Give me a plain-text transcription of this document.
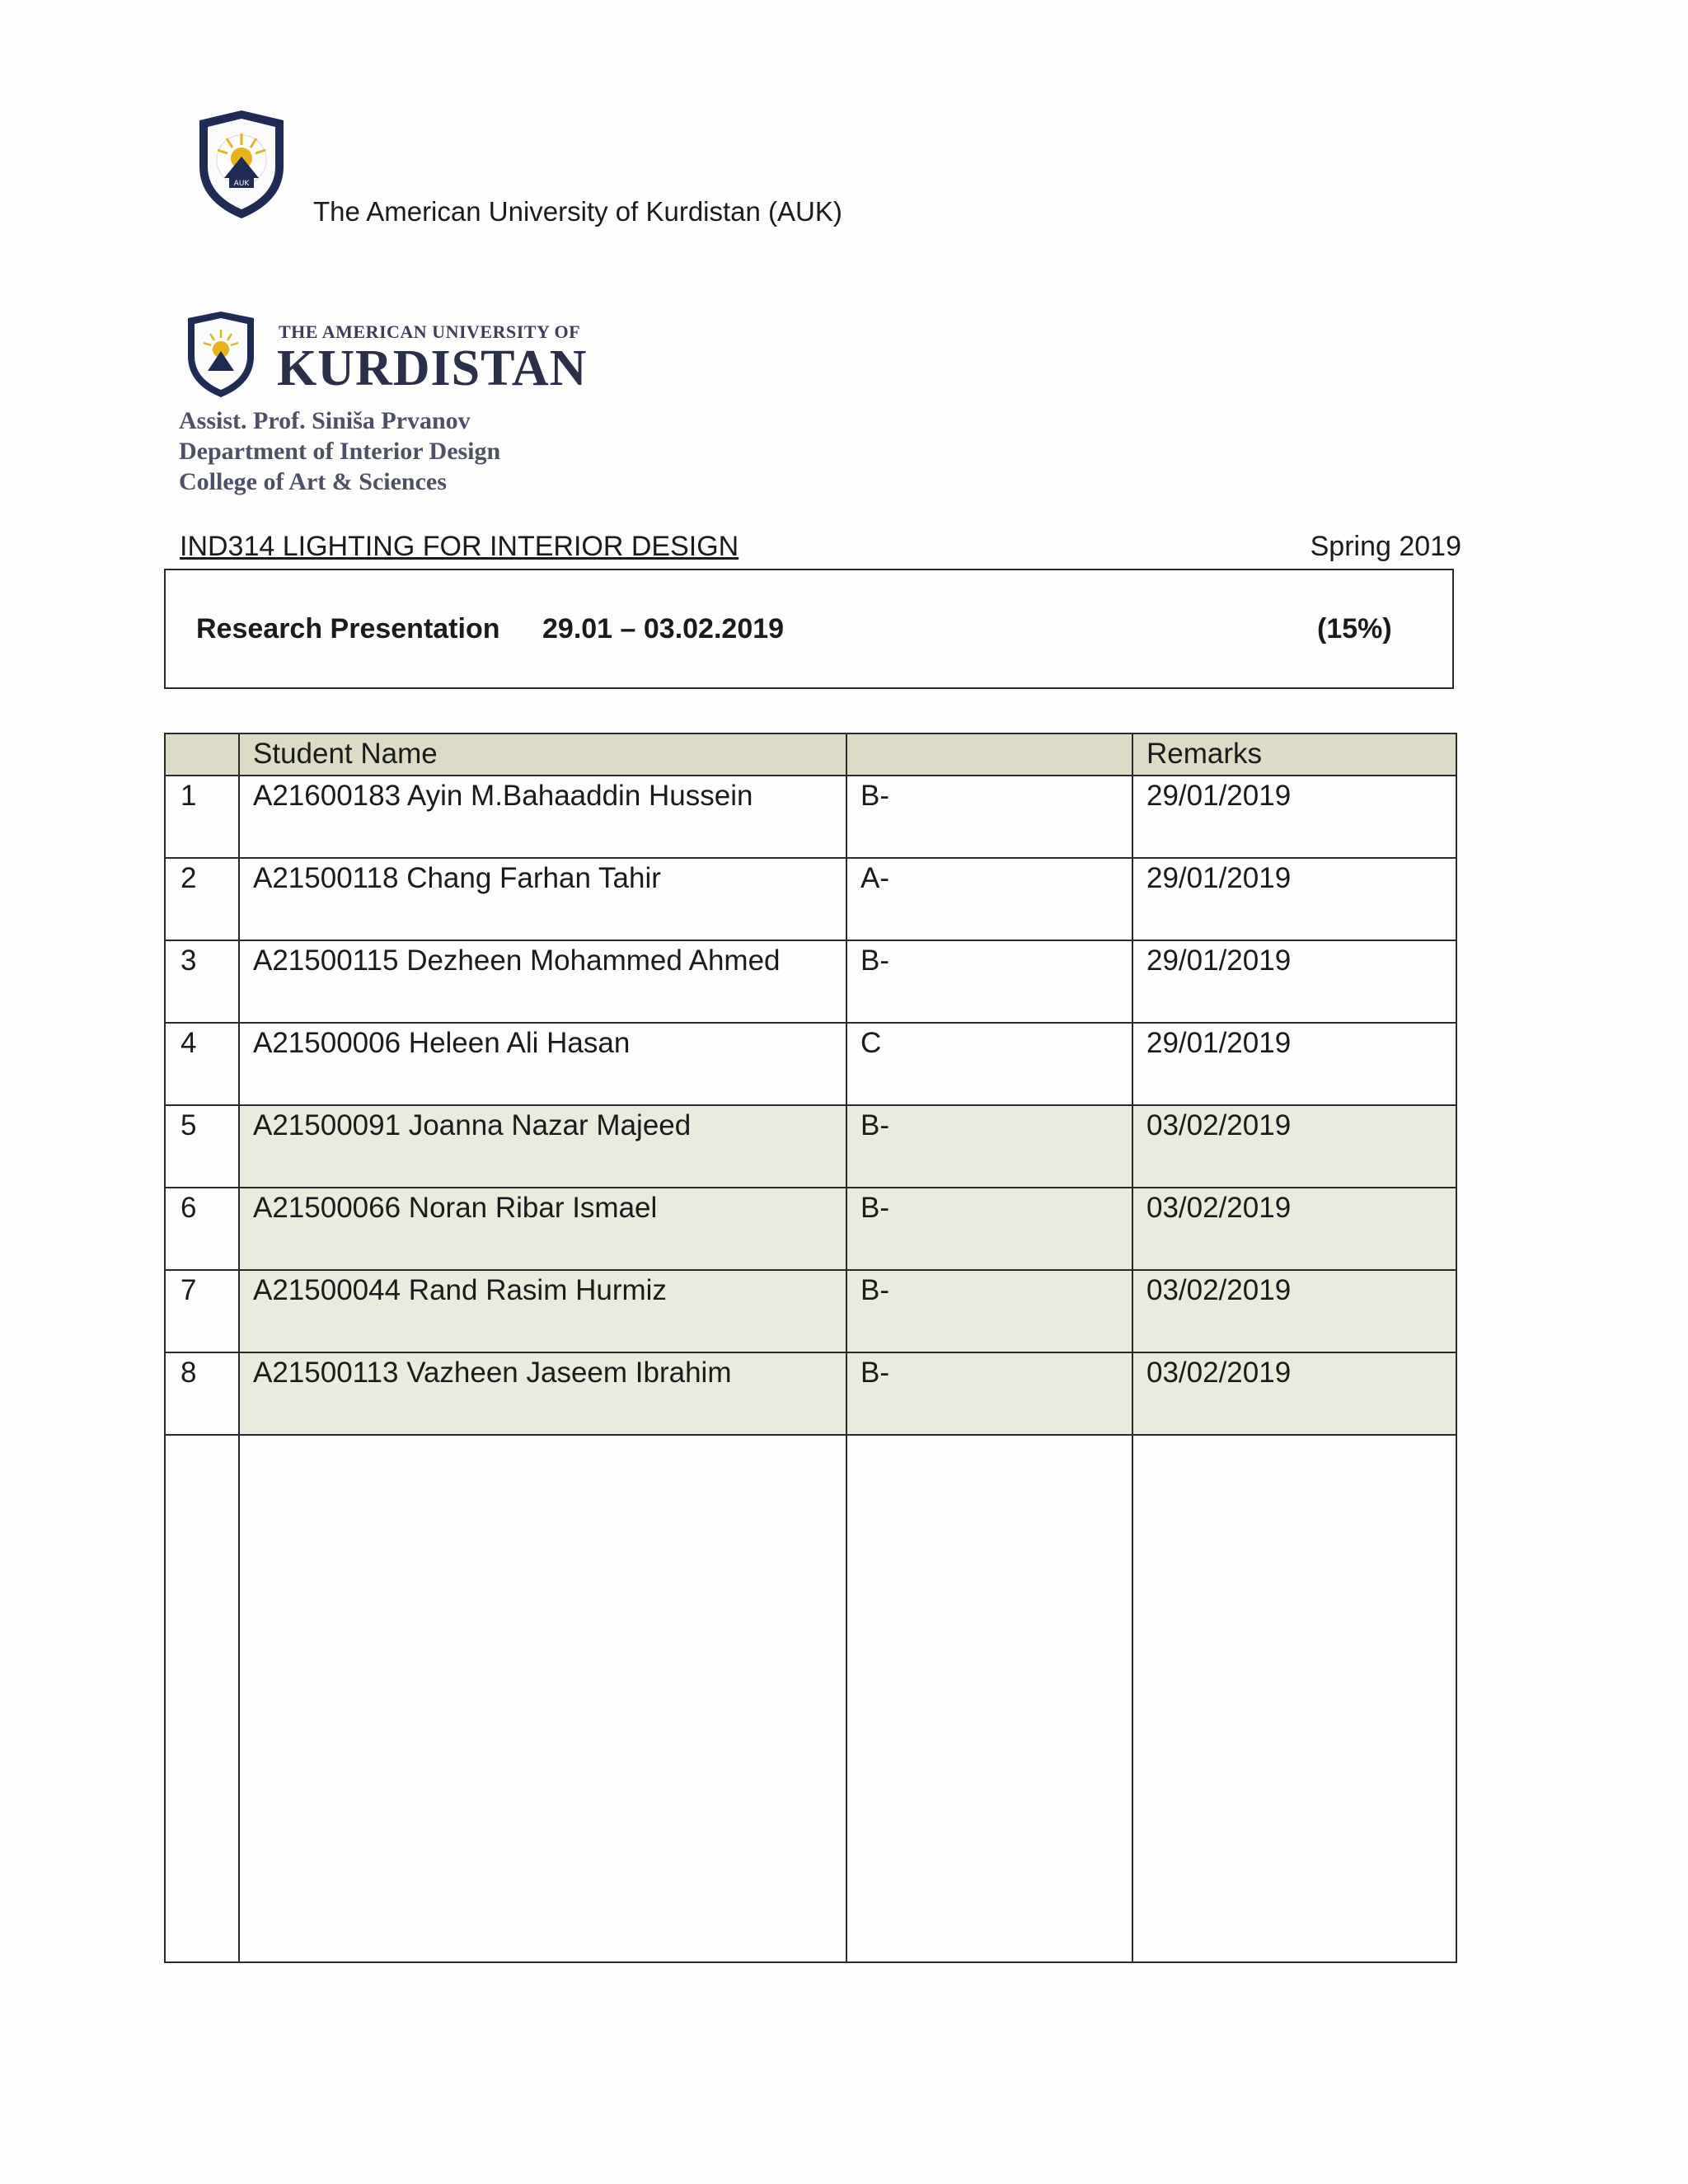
AUK
The American University of Kurdistan (AUK)
THE AMERICAN UNIVERSITY OF
KURDISTAN
Assist. Prof. Siniša Prvanov
Department of Interior Design
College of Art & Sciences
IND314 LIGHTING FOR INTERIOR DESIGN	Spring 2019
Research Presentation 29.01 – 03.02.2019	(15%)
	Student Name		Remarks
1	A21600183 Ayin M.Bahaaddin Hussein	B-	29/01/2019
2	A21500118 Chang Farhan Tahir	A-	29/01/2019
3	A21500115 Dezheen Mohammed Ahmed	B-	29/01/2019
4	A21500006 Heleen Ali Hasan	C	29/01/2019
5	A21500091 Joanna Nazar Majeed	B-	03/02/2019
6	A21500066 Noran Ribar Ismael	B-	03/02/2019
7	A21500044 Rand Rasim Hurmiz	B-	03/02/2019
8	A21500113 Vazheen Jaseem Ibrahim	B-	03/02/2019
